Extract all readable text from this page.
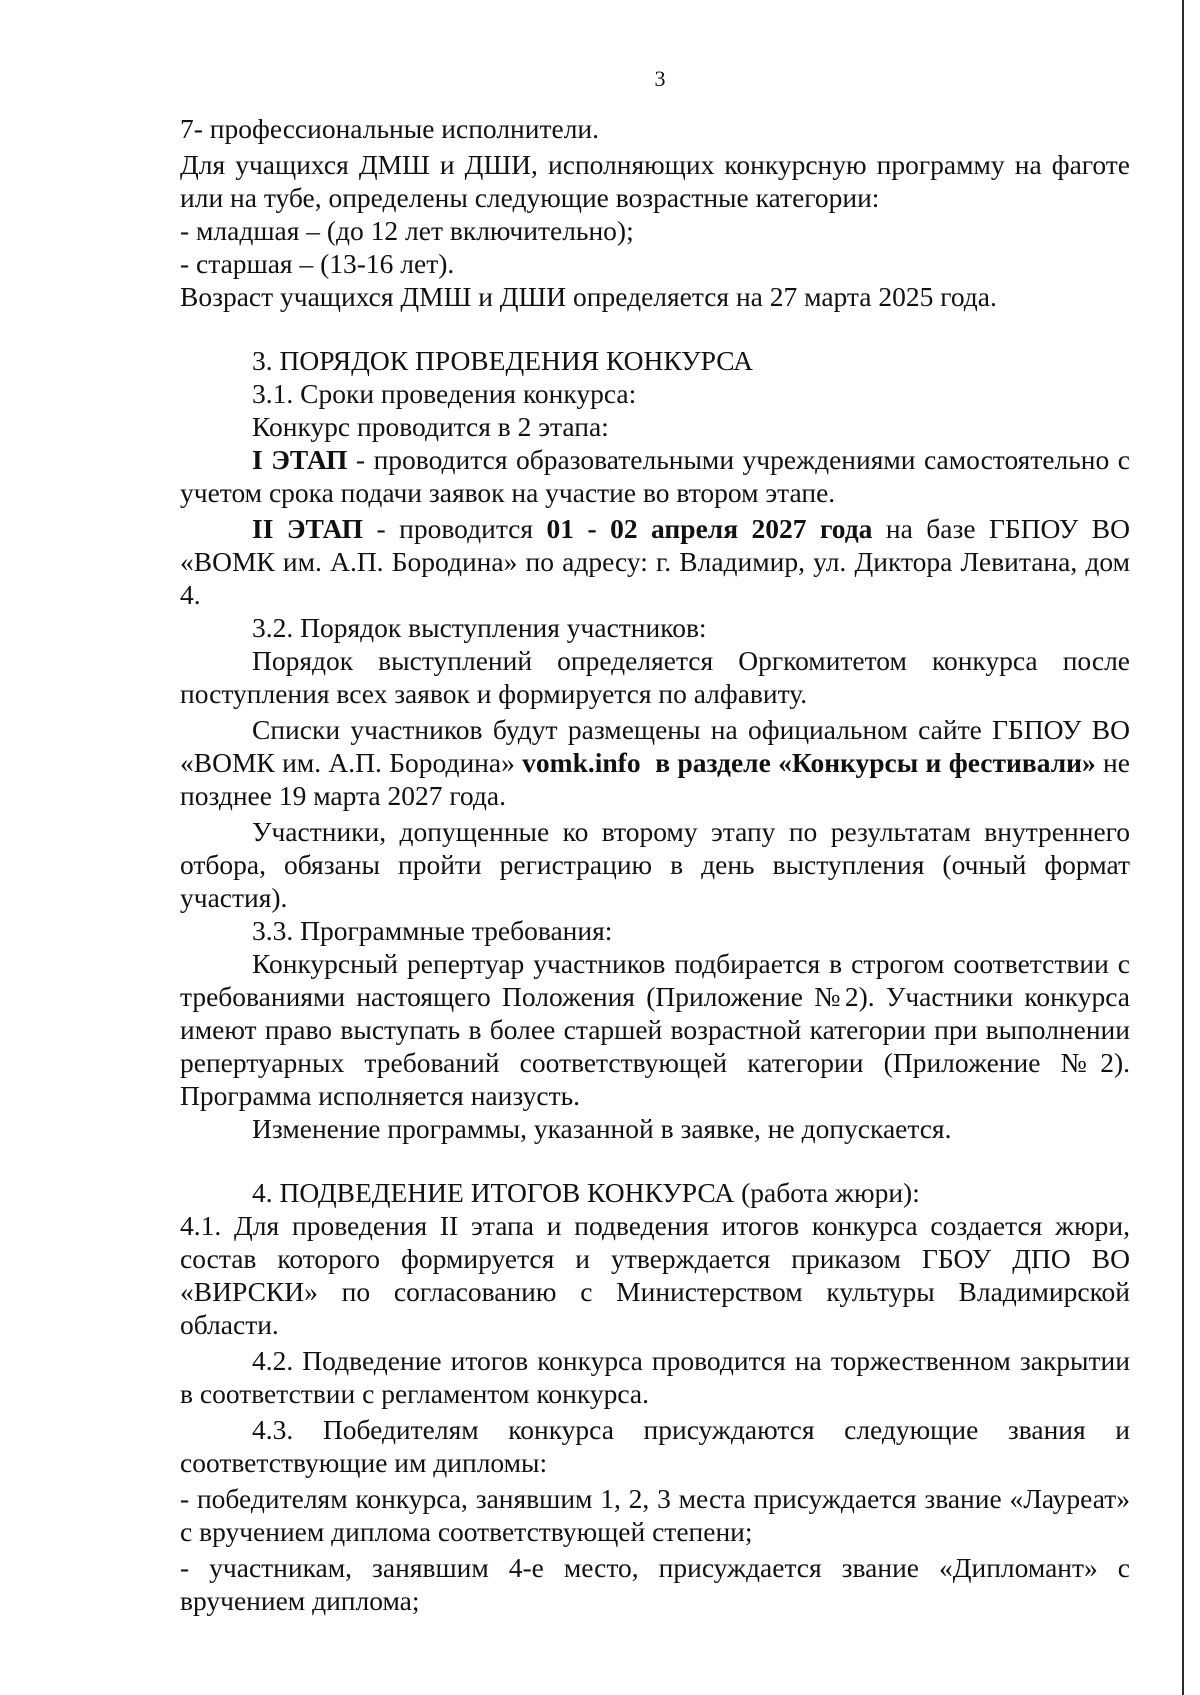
3

7- профессиональные исполнители.

Для учащихся ДМШ и ДШИ, исполняющих конкурсную программу на фаготе или на тубе, определены следующие возрастные категории:

- младшая – (до 12 лет включительно);

- старшая – (13-16 лет).

Возраст учащихся ДМШ и ДШИ определяется на 27 марта 2025 года.

3. ПОРЯДОК ПРОВЕДЕНИЯ КОНКУРСА

3.1. Сроки проведения конкурса:

Конкурс проводится в 2 этапа:

I ЭТАП - проводится образовательными учреждениями самостоятельно с учетом срока подачи заявок на участие во втором этапе.

II ЭТАП - проводится 01 - 02 апреля 2027 года на базе ГБПОУ ВО «ВОМК им. А.П. Бородина» по адресу: г. Владимир, ул. Диктора Левитана, дом 4.

3.2. Порядок выступления участников:

Порядок выступлений определяется Оргкомитетом конкурса после поступления всех заявок и формируется по алфавиту.

Списки участников будут размещены на официальном сайте ГБПОУ ВО «ВОМК им. А.П. Бородина» vomk.info  в разделе «Конкурсы и фестивали» не позднее 19 марта 2027 года.

Участники, допущенные ко второму этапу по результатам внутреннего отбора, обязаны пройти регистрацию в день выступления (очный формат участия).

3.3. Программные требования:

Конкурсный репертуар участников подбирается в строгом соответствии с требованиями настоящего Положения (Приложение №2). Участники конкурса имеют право выступать в более старшей возрастной категории при выполнении репертуарных требований соответствующей категории (Приложение №2). Программа исполняется наизусть.

Изменение программы, указанной в заявке, не допускается.

4. ПОДВЕДЕНИЕ ИТОГОВ КОНКУРСА (работа жюри):

4.1. Для проведения II этапа и подведения итогов конкурса создается жюри, состав которого формируется и утверждается приказом ГБОУ ДПО ВО «ВИРСКИ» по согласованию с Министерством культуры Владимирской области.

4.2. Подведение итогов конкурса проводится на торжественном закрытии в соответствии с регламентом конкурса.

4.3. Победителям конкурса присуждаются следующие звания и соответствующие им дипломы:

- победителям конкурса, занявшим 1, 2, 3 места присуждается звание «Лауреат» с вручением диплома соответствующей степени;

- участникам, занявшим 4-е место, присуждается звание «Дипломант» с вручением диплома;
